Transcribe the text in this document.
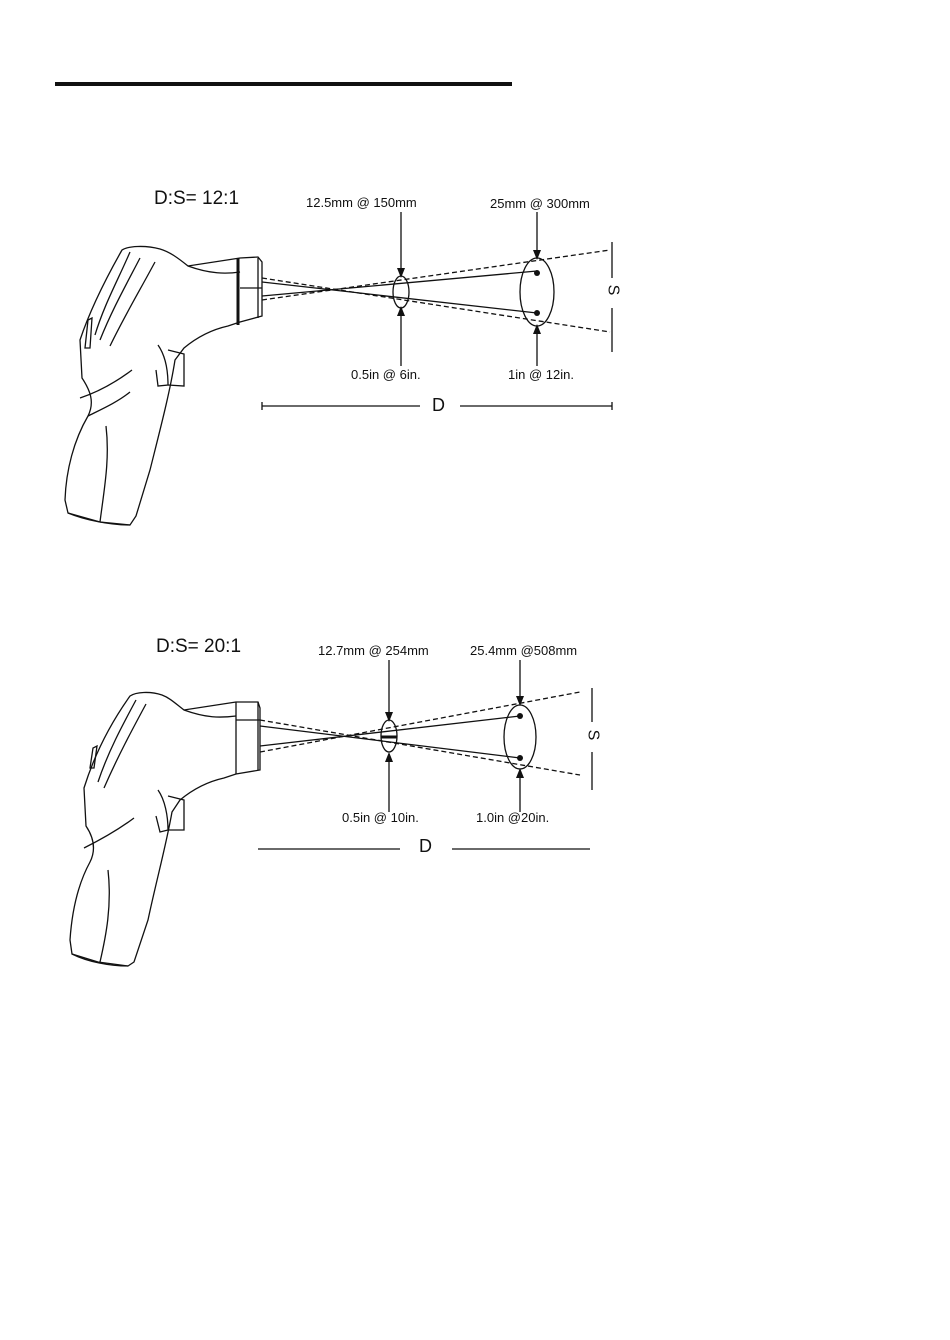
D:S= 12:1	12.5mm @ 150mm	25mm @ 300mm
0.5in @ 6in.	1in @ 12in.
D
S
D:S= 20:1	12.7mm @ 254mm	25.4mm @508mm
0.5in @ 10in.	1.0in @20in.
D
S
